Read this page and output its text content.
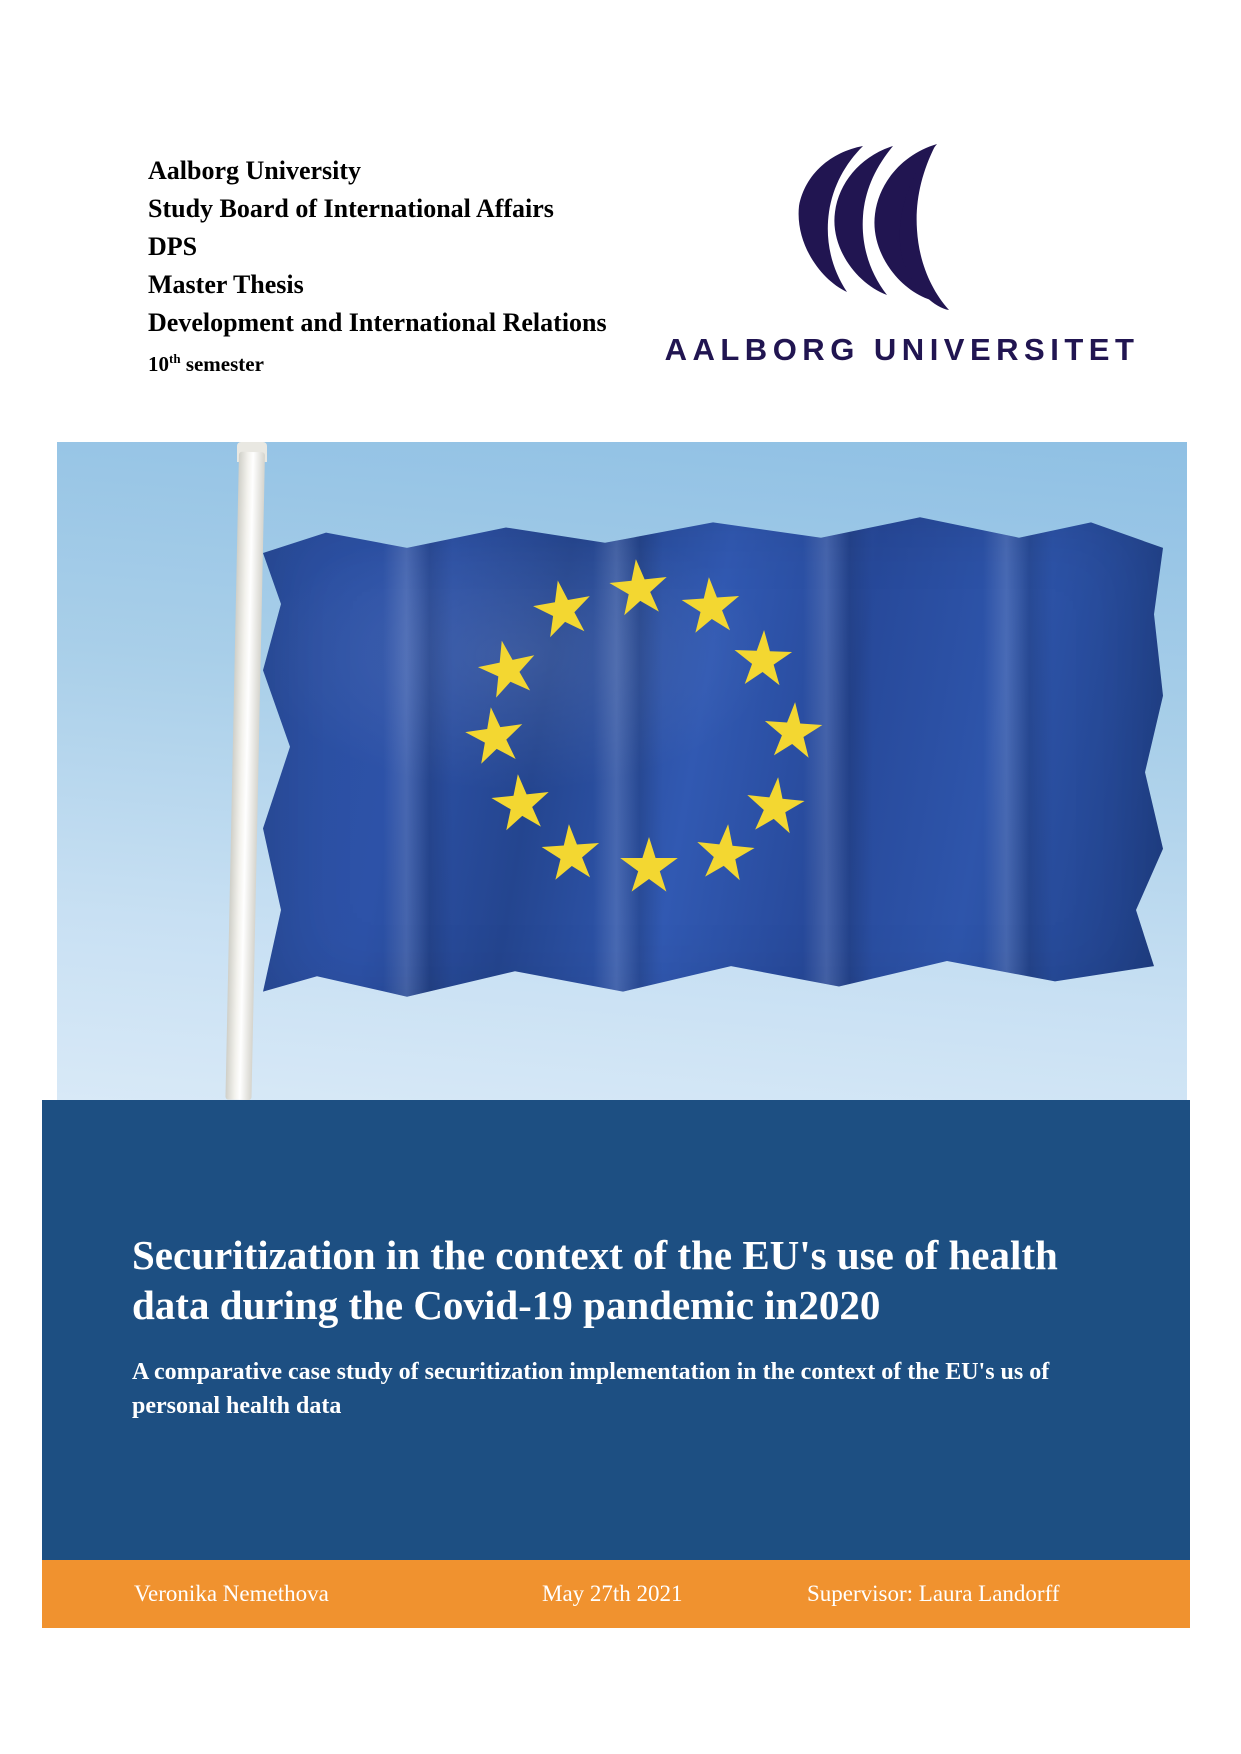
Aalborg University
Study Board of International Affairs
DPS
Master Thesis
Development and International Relations
10th semester	AALBORG UNIVERSITET
Securitization in the context of the EU's use of health data during the Covid-19 pandemic in2020
A comparative case study of securitization implementation in the context of the EU's us of personal health data
Veronika Nemethova	May 27th 2021	Supervisor: Laura Landorff
